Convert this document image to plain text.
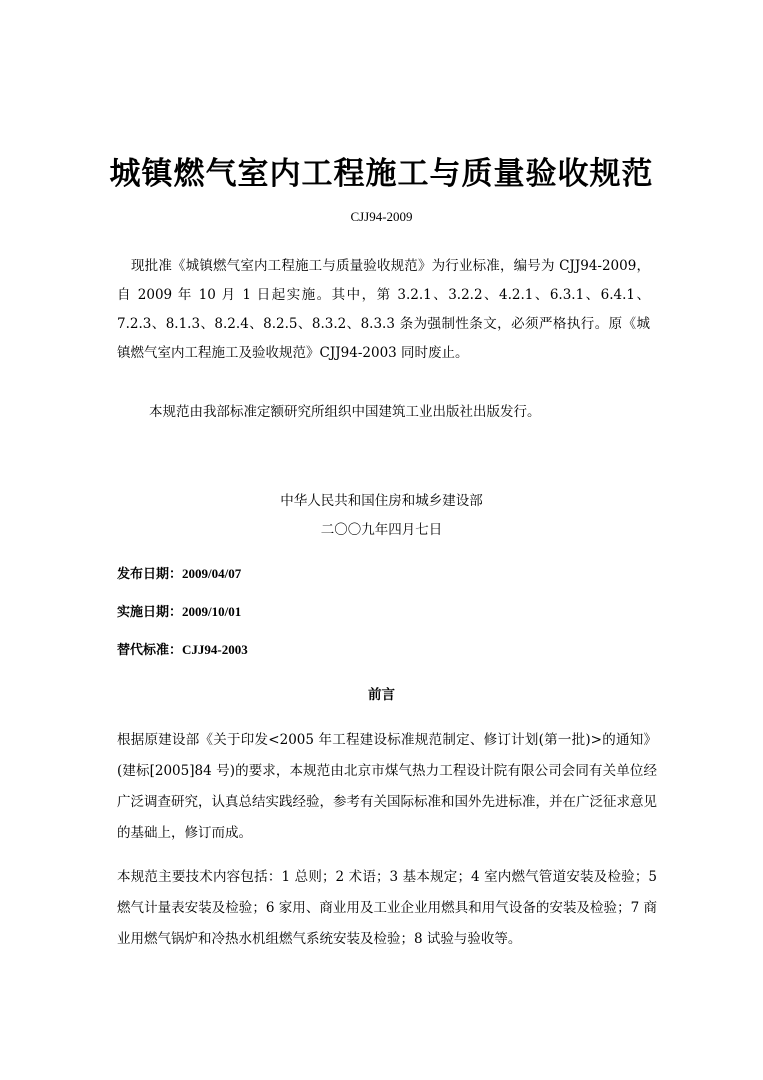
城镇燃气室内工程施工与质量验收规范
CJJ94-2009

现批准《城镇燃气室内工程施工与质量验收规范》为行业标准，编号为 CJJ94-2009，自 2009 年 10 月 1 日起实施。其中，第 3.2.1、3.2.2、4.2.1、6.3.1、6.4.1、7.2.3、8.1.3、8.2.4、8.2.5、8.3.2、8.3.3 条为强制性条文，必须严格执行。原《城镇燃气室内工程施工及验收规范》CJJ94-2003 同时废止。

本规范由我部标准定额研究所组织中国建筑工业出版社出版发行。

中华人民共和国住房和城乡建设部
二〇〇九年四月七日
发布日期：2009/04/07
实施日期：2009/10/01
替代标准：CJJ94-2003
前言

根据原建设部《关于印发<2005 年工程建设标准规范制定、修订计划(第一批)>的通知》(建标[2005]84 号)的要求，本规范由北京市煤气热力工程设计院有限公司会同有关单位经广泛调查研究，认真总结实践经验，参考有关国际标准和国外先进标准，并在广泛征求意见的基础上，修订而成。

本规范主要技术内容包括：1 总则；2 术语；3 基本规定；4 室内燃气管道安装及检验；5 燃气计量表安装及检验；6 家用、商业用及工业企业用燃具和用气设备的安装及检验；7 商业用燃气锅炉和冷热水机组燃气系统安装及检验；8 试验与验收等。
